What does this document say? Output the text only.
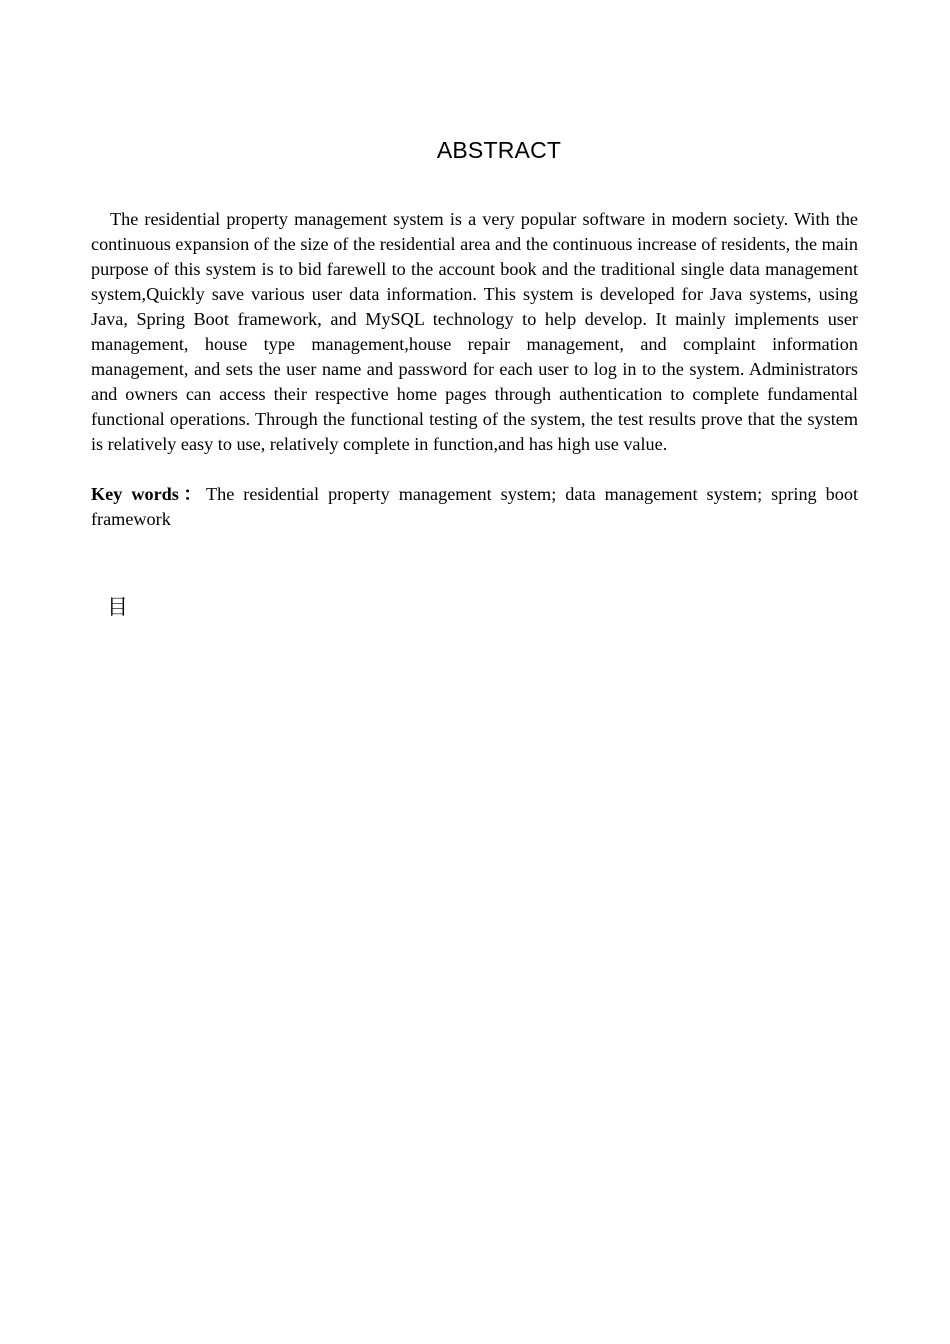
ABSTRACT

The residential property management system is a very popular software in modern society. With the continuous expansion of the size of the residential area and the continuous increase of residents, the main purpose of this system is to bid farewell to the account book and the traditional single data management system,Quickly save various user data information. This system is developed for Java systems, using Java, Spring Boot framework, and MySQL technology to help develop. It mainly implements user management, house type management,house repair management, and complaint information management, and sets the user name and password for each user to log in to the system. Administrators and owners can access their respective home pages through authentication to complete fundamental functional operations. Through the functional testing of the system, the test results prove that the system is relatively easy to use, relatively complete in function,and has high use value.

Key words：The residential property management system; data management system; spring boot framework

目
